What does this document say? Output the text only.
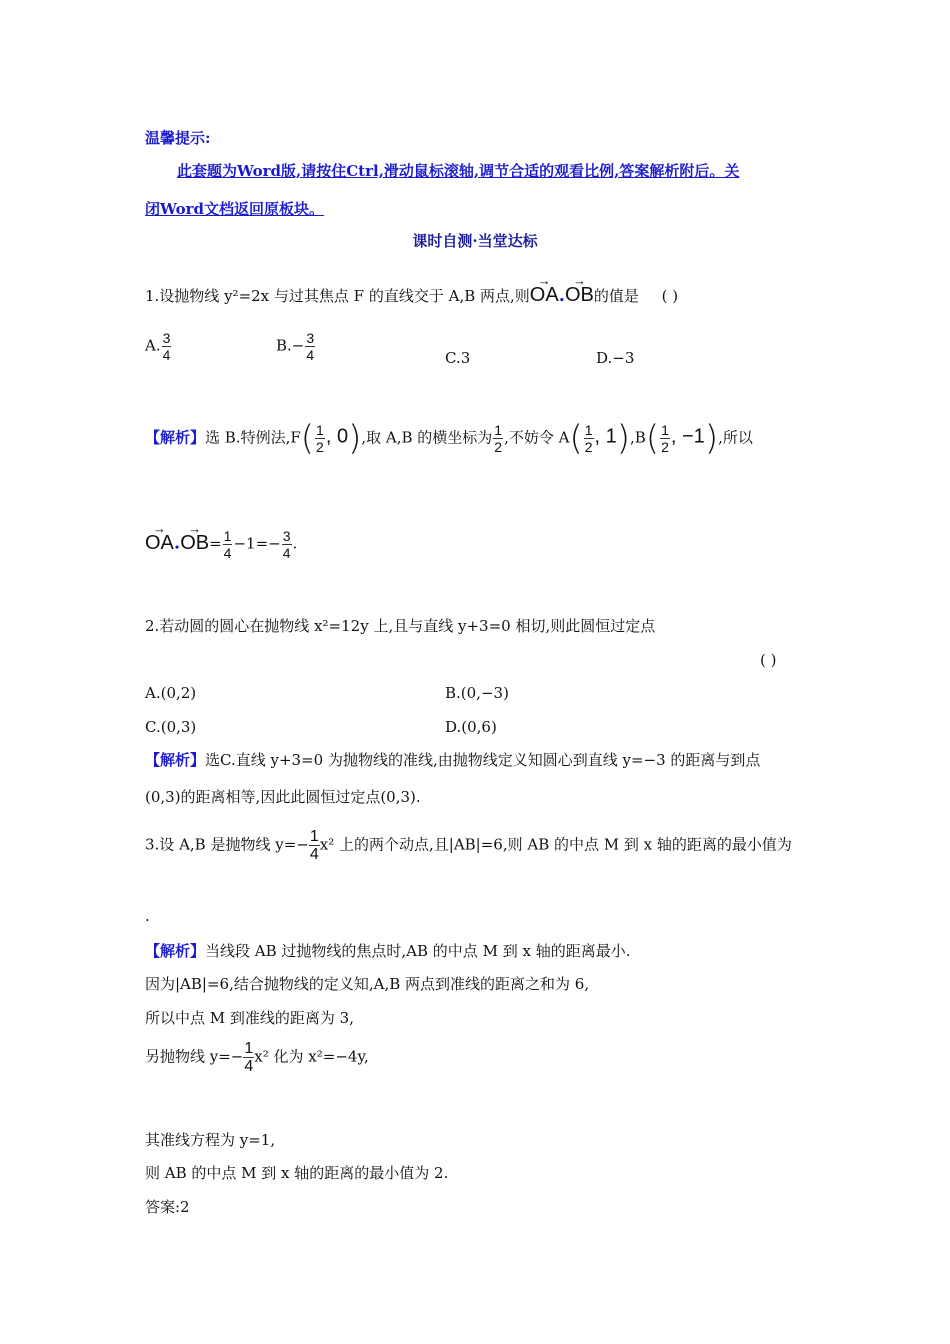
温馨提示:
此套题为Word版,请按住Ctrl,滑动鼠标滚轴,调节合适的观看比例,答案解析附后。关
闭Word文档返回原板块。
课时自测·当堂达标
1.设抛物线 y²=2x 与过其焦点 F 的直线交于 A,B 两点,则
→
OA.
→
OB的值是 ( )
A. $\frac{3}{4}$	$B.- \frac{3}{4}$	C.3	D.−3
【解析】选 B.特例法$,F( \frac{1}{2}$ , 0),取 A,B 的横坐标为 $\frac{1}{2}$ ,不妨令 $A( \frac{1}{2}$ , $1),B( \frac{1}{2}$ , −1),所以
→
OA.
→
$OB= \frac{1}{4} -1=- \frac{3}{4}$ .
2.若动圆的圆心在抛物线 x²=12y 上,且与直线 y+3=0 相切,则此圆恒过定点
( )
A.(0,2)	B.(0,−3)
C.(0,3)	D.(0,6)
【解析】选C.直线 y+3=0 为抛物线的准线,由抛物线定义知圆心到直线 y=−3 的距离与到点
(0,3)的距离相等,因此此圆恒过定点(0,3).
3.设 A,B 是抛物线 $y=- \frac{1}{4} x^2$ 上的两个动点,且|AB|=6,则 AB 的中点 M 到 x 轴的距离的最小值为
.
【解析】当线段 AB 过抛物线的焦点时,AB 的中点 M 到 x 轴的距离最小.
因为|AB|=6,结合抛物线的定义知,A,B 两点到准线的距离之和为 6,
所以中点 M 到准线的距离为 3,
另抛物线 $y=- \frac{1}{4} x^2$ 化为 x²=−4y,
其准线方程为 y=1,
则 AB 的中点 M 到 x 轴的距离的最小值为 2.
答案:2
